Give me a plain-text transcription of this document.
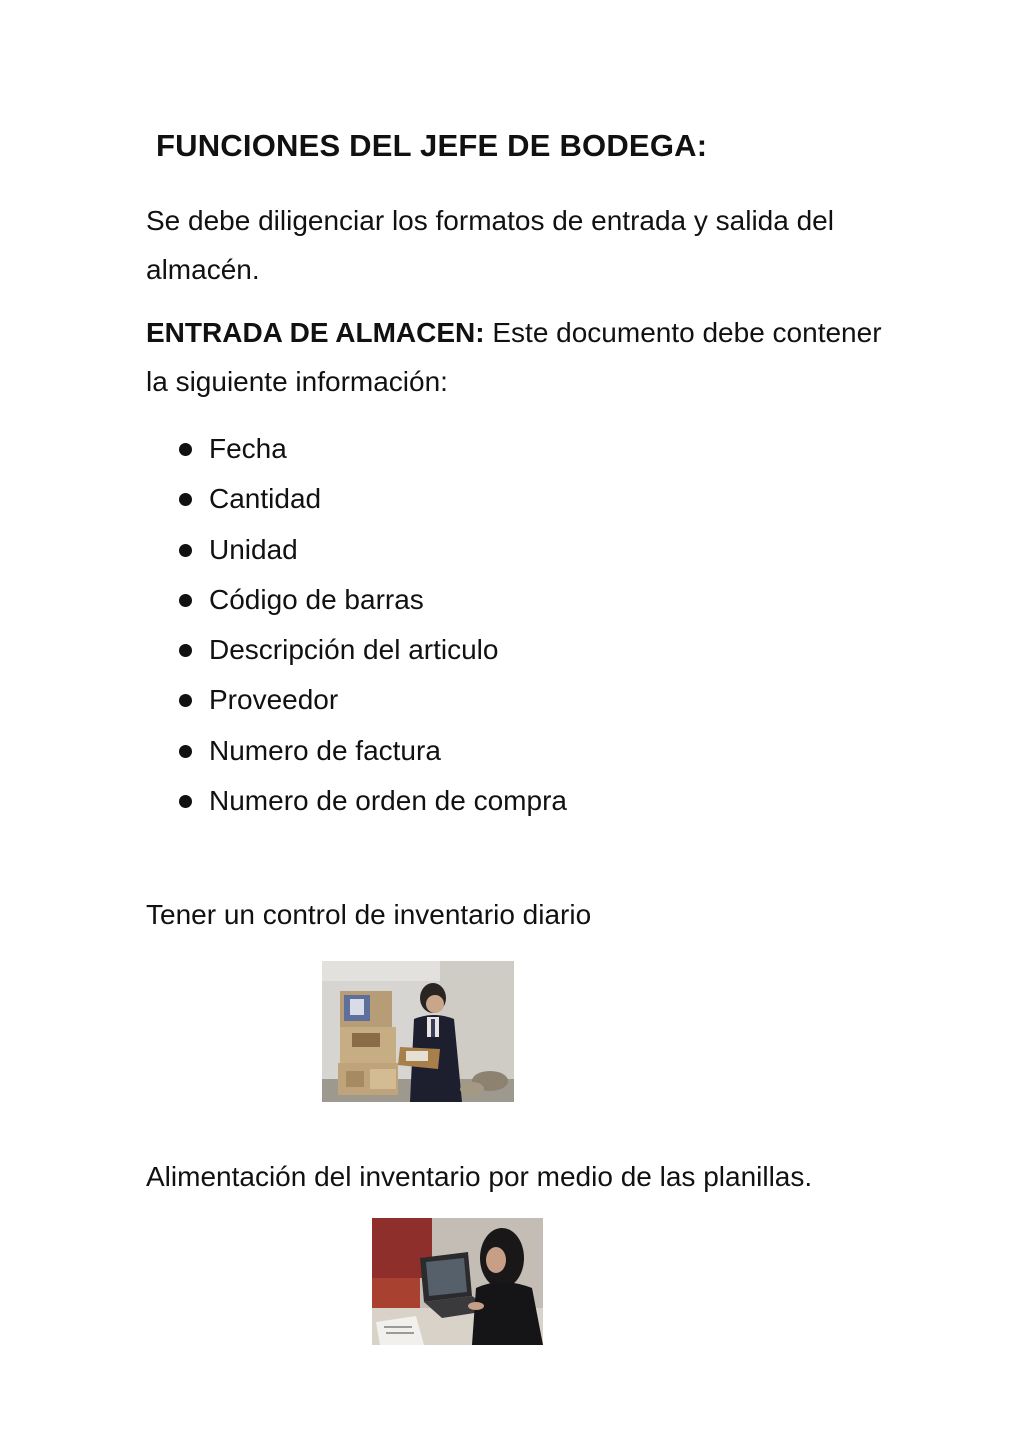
FUNCIONES DEL JEFE DE BODEGA:

Se debe diligenciar los formatos de entrada y salida del almacén.

ENTRADA DE ALMACEN: Este documento debe contener la siguiente información:

Fecha
Cantidad
Unidad
Código de barras
Descripción del articulo
Proveedor
Numero de factura
Numero de orden de compra

Tener un control de inventario diario

Alimentación del inventario por medio de las planillas.
